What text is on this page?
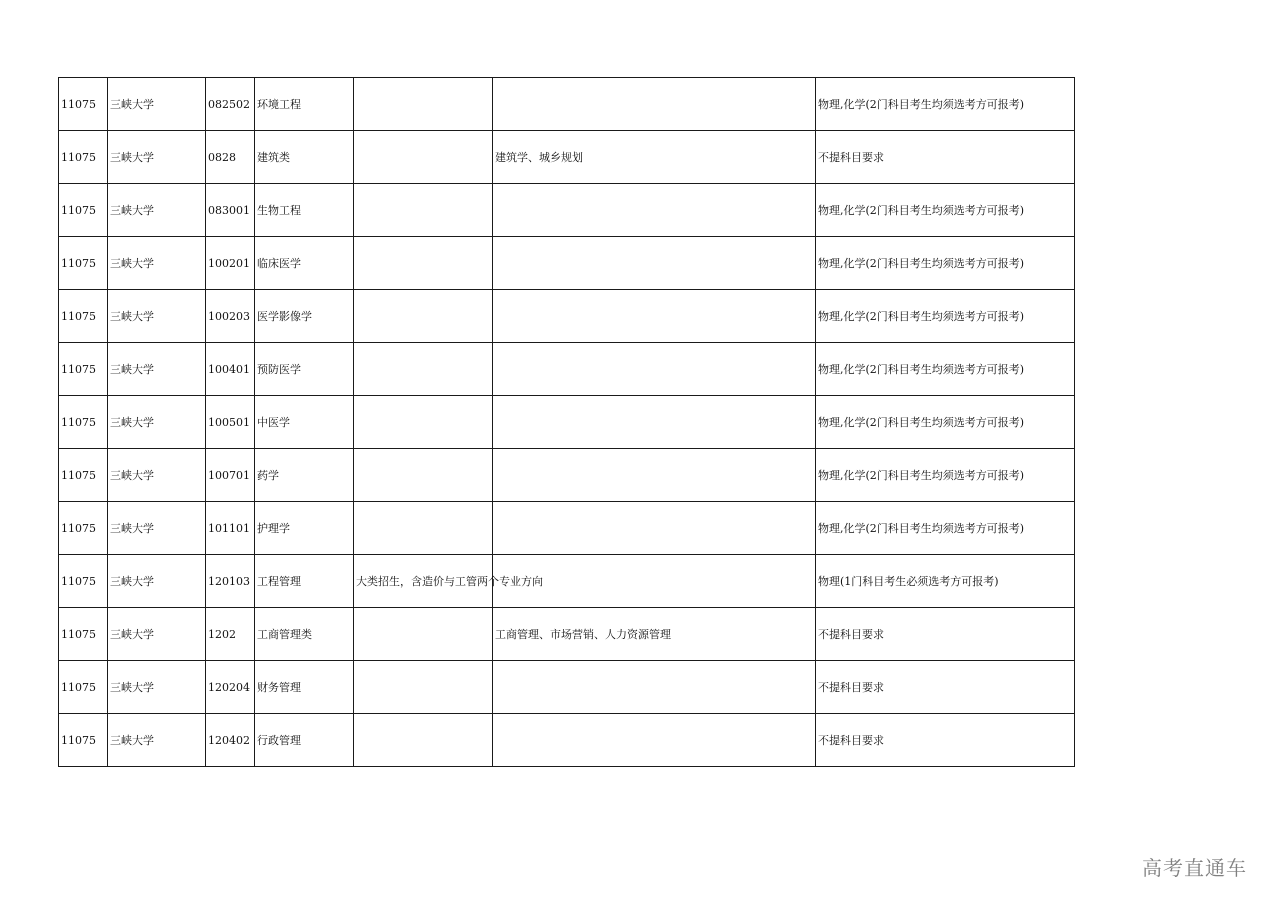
11075	三峡大学	082502	环境工程			物理,化学(2门科目考生均须选考方可报考)
11075	三峡大学	0828	建筑类		建筑学、城乡规划	不提科目要求
11075	三峡大学	083001	生物工程			物理,化学(2门科目考生均须选考方可报考)
11075	三峡大学	100201	临床医学			物理,化学(2门科目考生均须选考方可报考)
11075	三峡大学	100203	医学影像学			物理,化学(2门科目考生均须选考方可报考)
11075	三峡大学	100401	预防医学			物理,化学(2门科目考生均须选考方可报考)
11075	三峡大学	100501	中医学			物理,化学(2门科目考生均须选考方可报考)
11075	三峡大学	100701	药学			物理,化学(2门科目考生均须选考方可报考)
11075	三峡大学	101101	护理学			物理,化学(2门科目考生均须选考方可报考)
11075	三峡大学	120103	工程管理	大类招生，含造价与工管两个专业方向		物理(1门科目考生必须选考方可报考)
11075	三峡大学	1202	工商管理类		工商管理、市场营销、人力资源管理	不提科目要求
11075	三峡大学	120204	财务管理			不提科目要求
11075	三峡大学	120402	行政管理			不提科目要求
高考直通车
